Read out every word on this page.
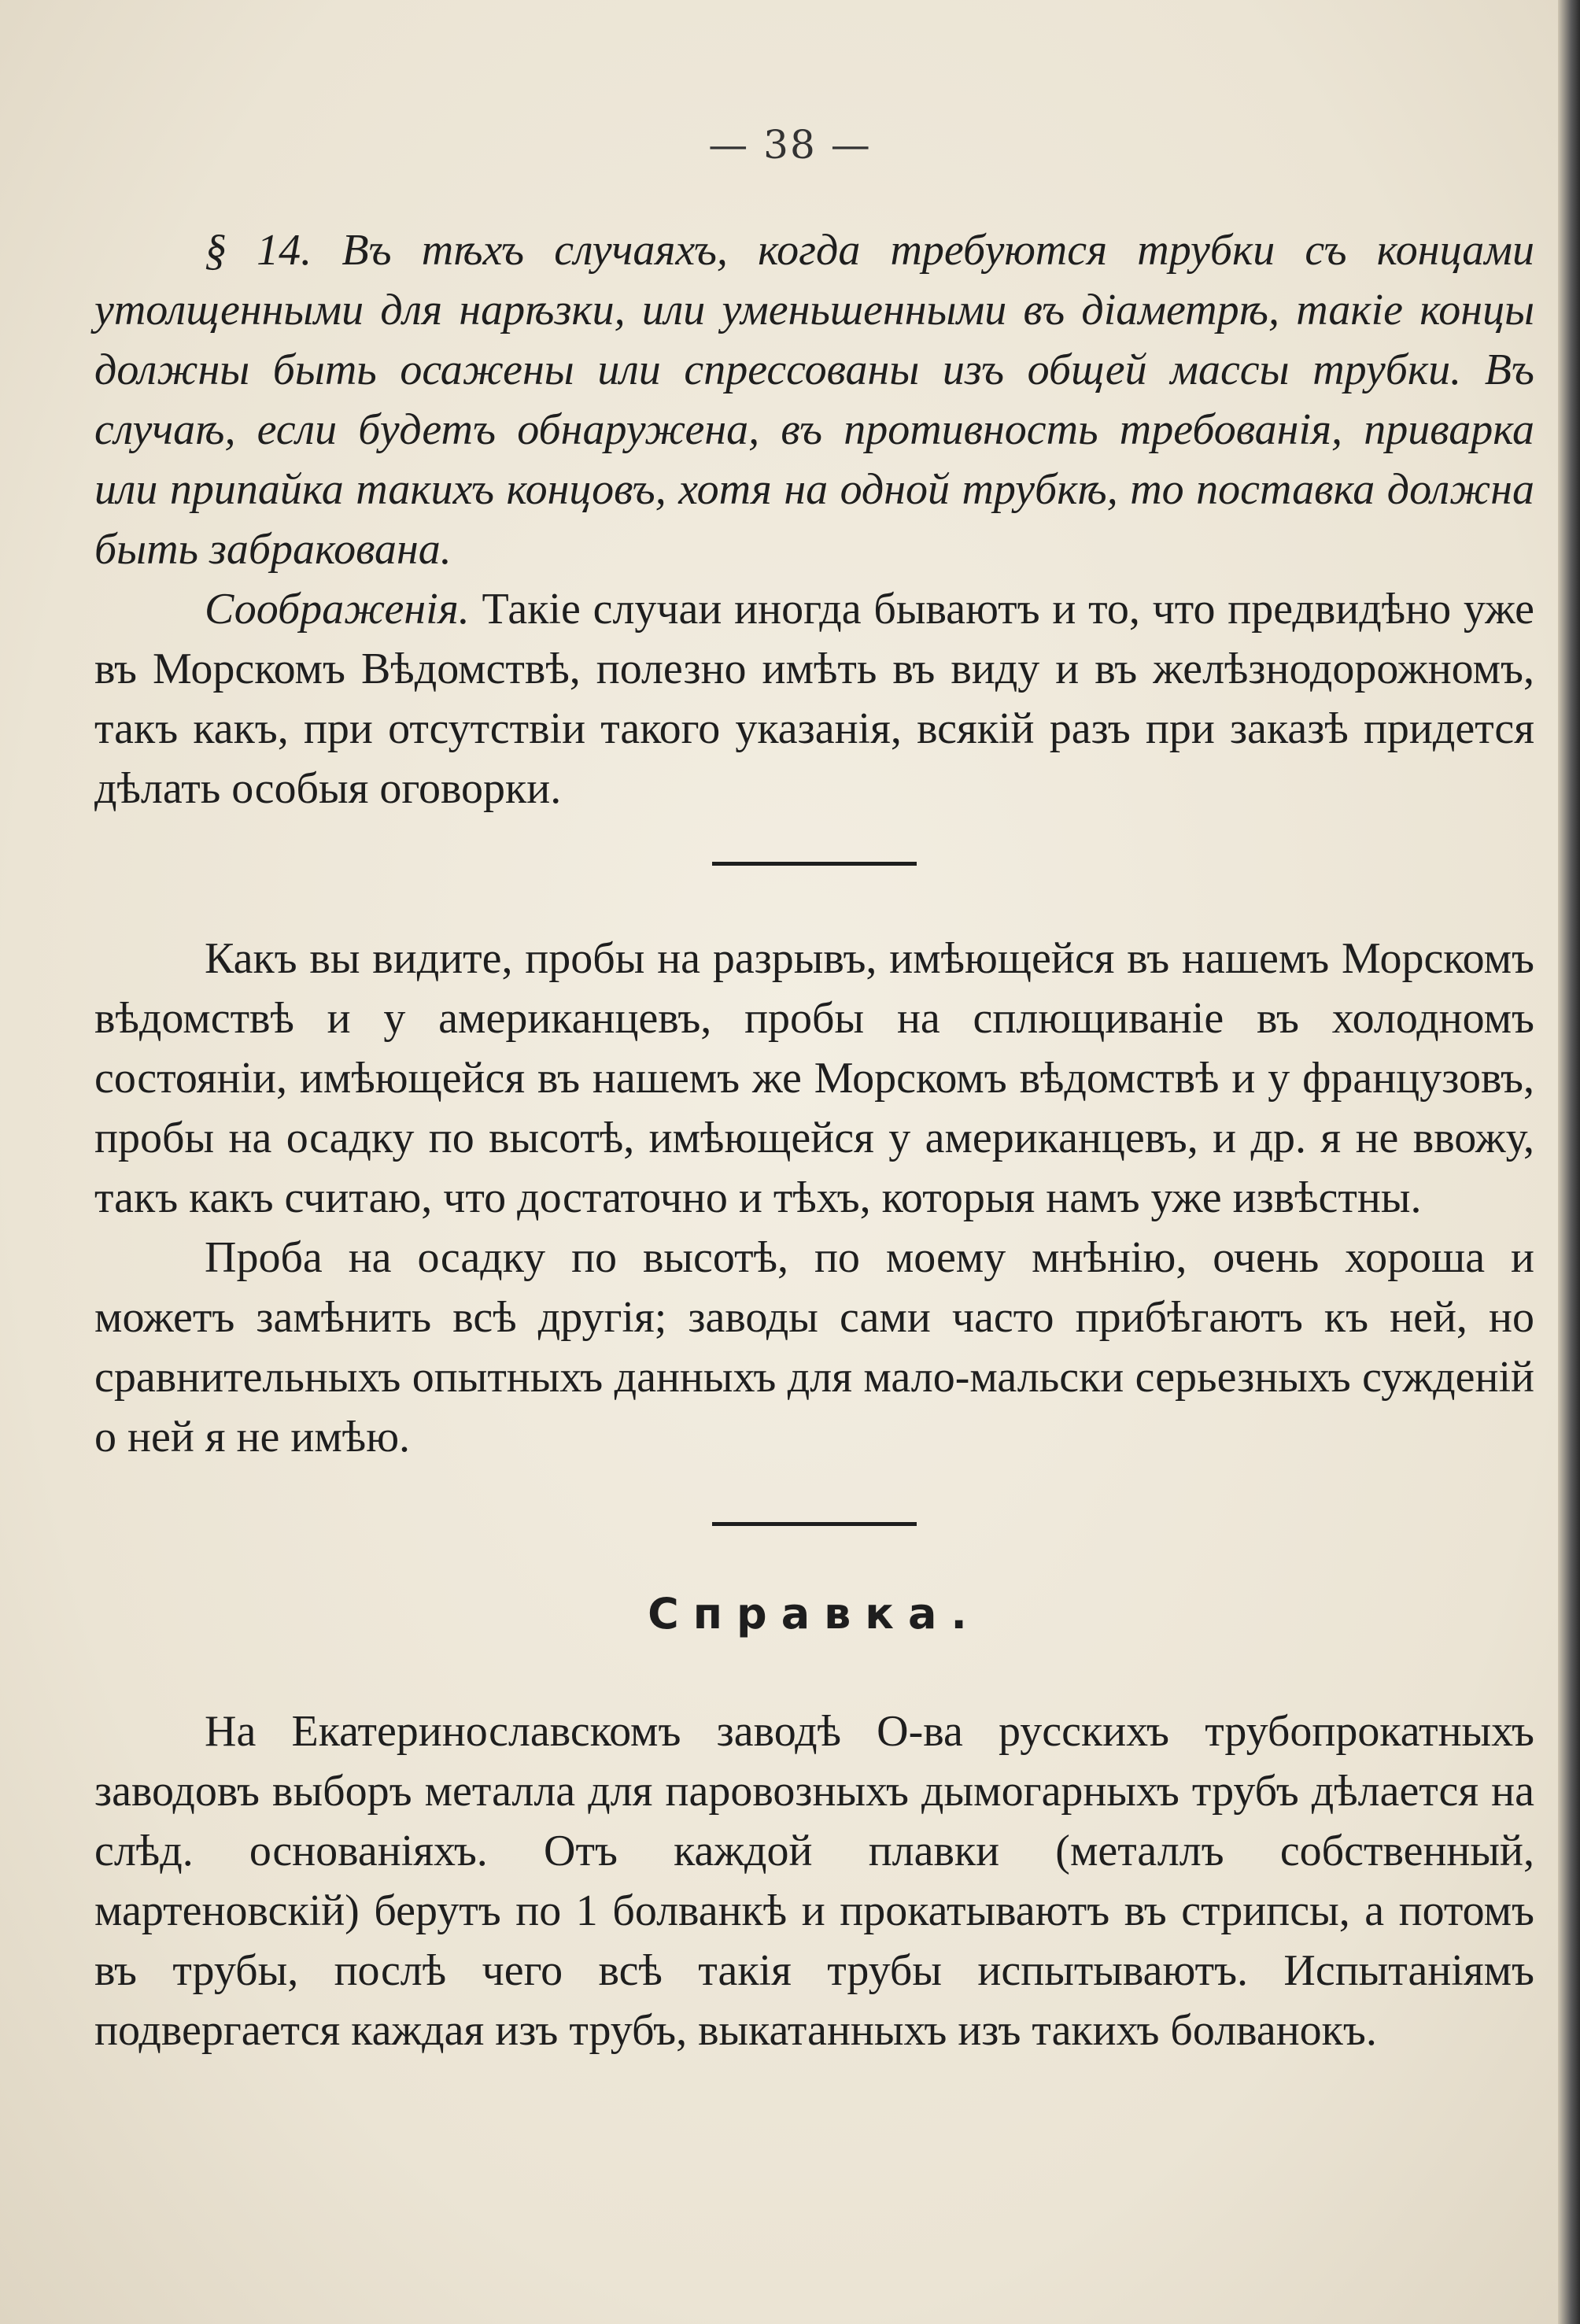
— 38 —

§ 14. Въ тѣхъ случаяхъ, когда требуются трубки съ концами утолщенными для нарѣзки, или уменьшенными въ діаметрѣ, такіе концы должны быть осажены или спрессованы изъ общей массы трубки. Въ случаѣ, если будетъ обнаружена, въ противность требованія, приварка или припайка такихъ концовъ, хотя на одной трубкѣ, то поставка должна быть забракована.

Соображенія. Такіе случаи иногда бываютъ и то, что предвидѣно уже въ Морскомъ Вѣдомствѣ, полезно имѣть въ виду и въ желѣзнодорожномъ, такъ какъ, при отсутствіи такого указанія, всякій разъ при заказѣ придется дѣлать особыя оговорки.

Какъ вы видите, пробы на разрывъ, имѣющейся въ нашемъ Морскомъ вѣдомствѣ и у американцевъ, пробы на сплющиваніе въ холодномъ состояніи, имѣющейся въ нашемъ же Морскомъ вѣдомствѣ и у французовъ, пробы на осадку по высотѣ, имѣющейся у американцевъ, и др. я не ввожу, такъ какъ считаю, что достаточно и тѣхъ, которыя намъ уже извѣстны.

Проба на осадку по высотѣ, по моему мнѣнію, очень хороша и можетъ замѣнить всѣ другія; заводы сами часто прибѣгаютъ къ ней, но сравнительныхъ опытныхъ данныхъ для мало-мальски серьезныхъ сужденій о ней я не имѣю.

Справка.

На Екатеринославскомъ заводѣ О-ва русскихъ трубопрокатныхъ заводовъ выборъ металла для паровозныхъ дымогарныхъ трубъ дѣлается на слѣд. основаніяхъ. Отъ каждой плавки (металлъ собственный, мартеновскій) берутъ по 1 болванкѣ и прокатываютъ въ стрипсы, а потомъ въ трубы, послѣ чего всѣ такія трубы испытываютъ. Испытаніямъ подвергается каждая изъ трубъ, выкатанныхъ изъ такихъ болванокъ.
